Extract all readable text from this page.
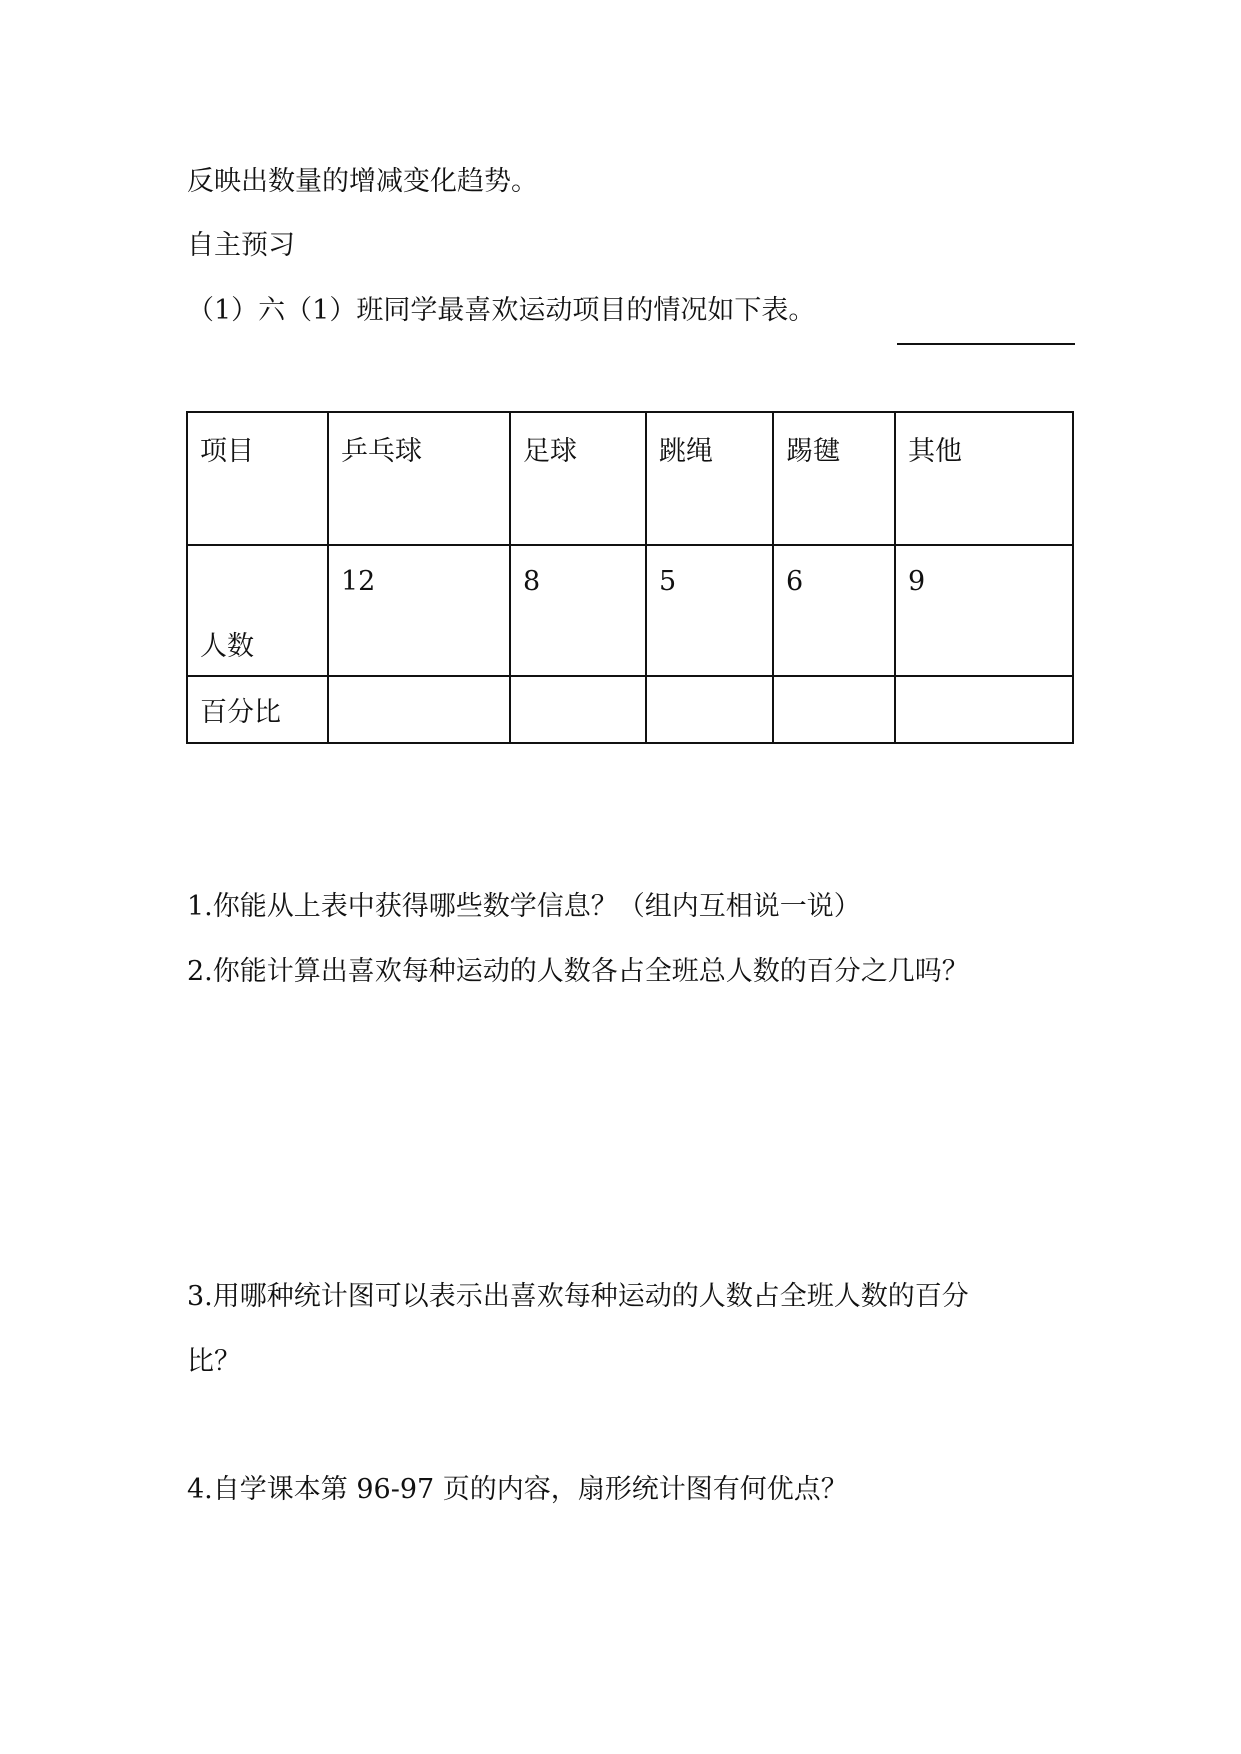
反映出数量的增减变化趋势。
自主预习
（1）六（1）班同学最喜欢运动项目的情况如下表。
项目	乒乓球	足球	跳绳	踢毽	其他
人数	12	8	5	6	9
百分比					
1.你能从上表中获得哪些数学信息？（组内互相说一说）
2.你能计算出喜欢每种运动的人数各占全班总人数的百分之几吗？
3.用哪种统计图可以表示出喜欢每种运动的人数占全班人数的百分
比？
4.自学课本第 96-97 页的内容，扇形统计图有何优点？
